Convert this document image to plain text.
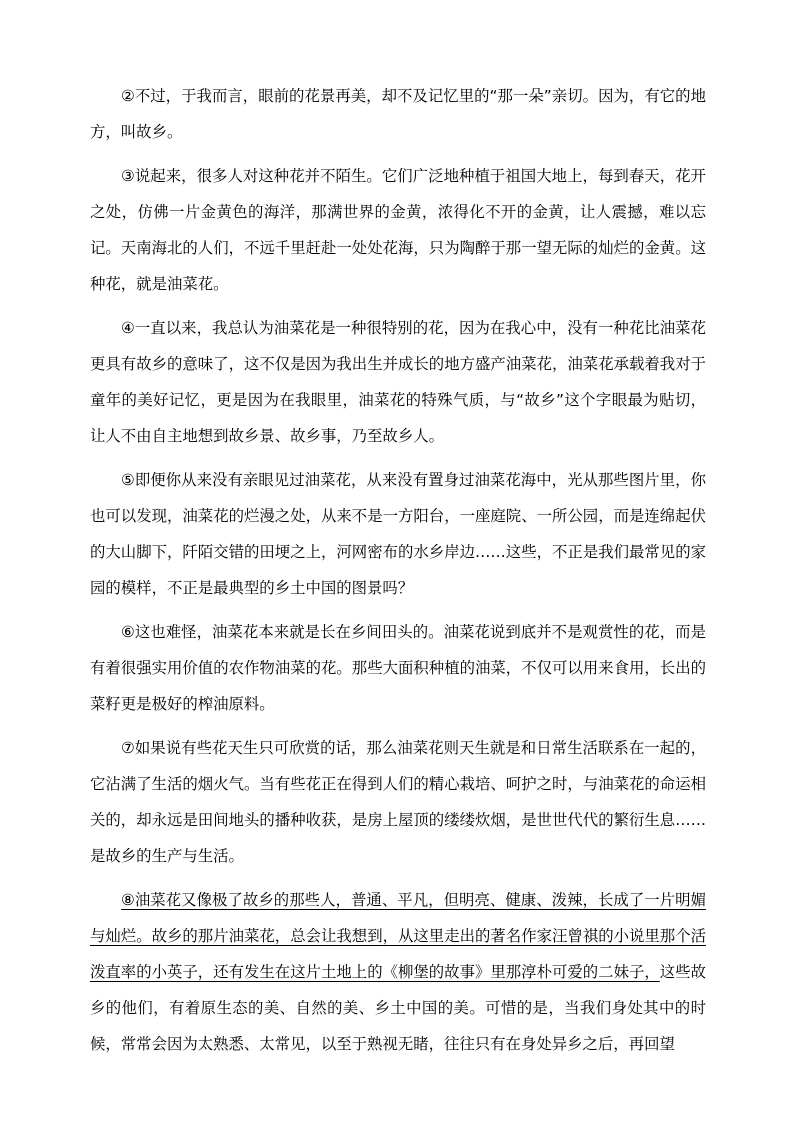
②不过，于我而言，眼前的花景再美，却不及记忆里的“那一朵”亲切。因为，有它的地方，叫故乡。

③说起来，很多人对这种花并不陌生。它们广泛地种植于祖国大地上，每到春天，花开之处，仿佛一片金黄色的海洋，那满世界的金黄，浓得化不开的金黄，让人震撼，难以忘记。天南海北的人们，不远千里赶赴一处处花海，只为陶醉于那一望无际的灿烂的金黄。这种花，就是油菜花。

④一直以来，我总认为油菜花是一种很特别的花，因为在我心中，没有一种花比油菜花更具有故乡的意味了，这不仅是因为我出生并成长的地方盛产油菜花，油菜花承载着我对于童年的美好记忆，更是因为在我眼里，油菜花的特殊气质，与“故乡”这个字眼最为贴切，让人不由自主地想到故乡景、故乡事，乃至故乡人。

⑤即便你从来没有亲眼见过油菜花，从来没有置身过油菜花海中，光从那些图片里，你也可以发现，油菜花的烂漫之处，从来不是一方阳台，一座庭院、一所公园，而是连绵起伏的大山脚下，阡陌交错的田埂之上，河网密布的水乡岸边……这些，不正是我们最常见的家园的模样，不正是最典型的乡土中国的图景吗？

⑥这也难怪，油菜花本来就是长在乡间田头的。油菜花说到底并不是观赏性的花，而是有着很强实用价值的农作物油菜的花。那些大面积种植的油菜，不仅可以用来食用，长出的菜籽更是极好的榨油原料。

⑦如果说有些花天生只可欣赏的话，那么油菜花则天生就是和日常生活联系在一起的，它沾满了生活的烟火气。当有些花正在得到人们的精心栽培、呵护之时，与油菜花的命运相关的，却永远是田间地头的播种收获，是房上屋顶的缕缕炊烟，是世世代代的繁衍生息……是故乡的生产与生活。

⑧油菜花又像极了故乡的那些人，普通、平凡，但明亮、健康、泼辣，长成了一片明媚与灿烂。故乡的那片油菜花，总会让我想到，从这里走出的著名作家汪曾祺的小说里那个活泼直率的小英子，还有发生在这片土地上的《柳堡的故事》里那淳朴可爱的二妹子，这些故乡的他们，有着原生态的美、自然的美、乡土中国的美。可惜的是，当我们身处其中的时候，常常会因为太熟悉、太常见，以至于熟视无睹，往往只有在身处异乡之后，再回望
